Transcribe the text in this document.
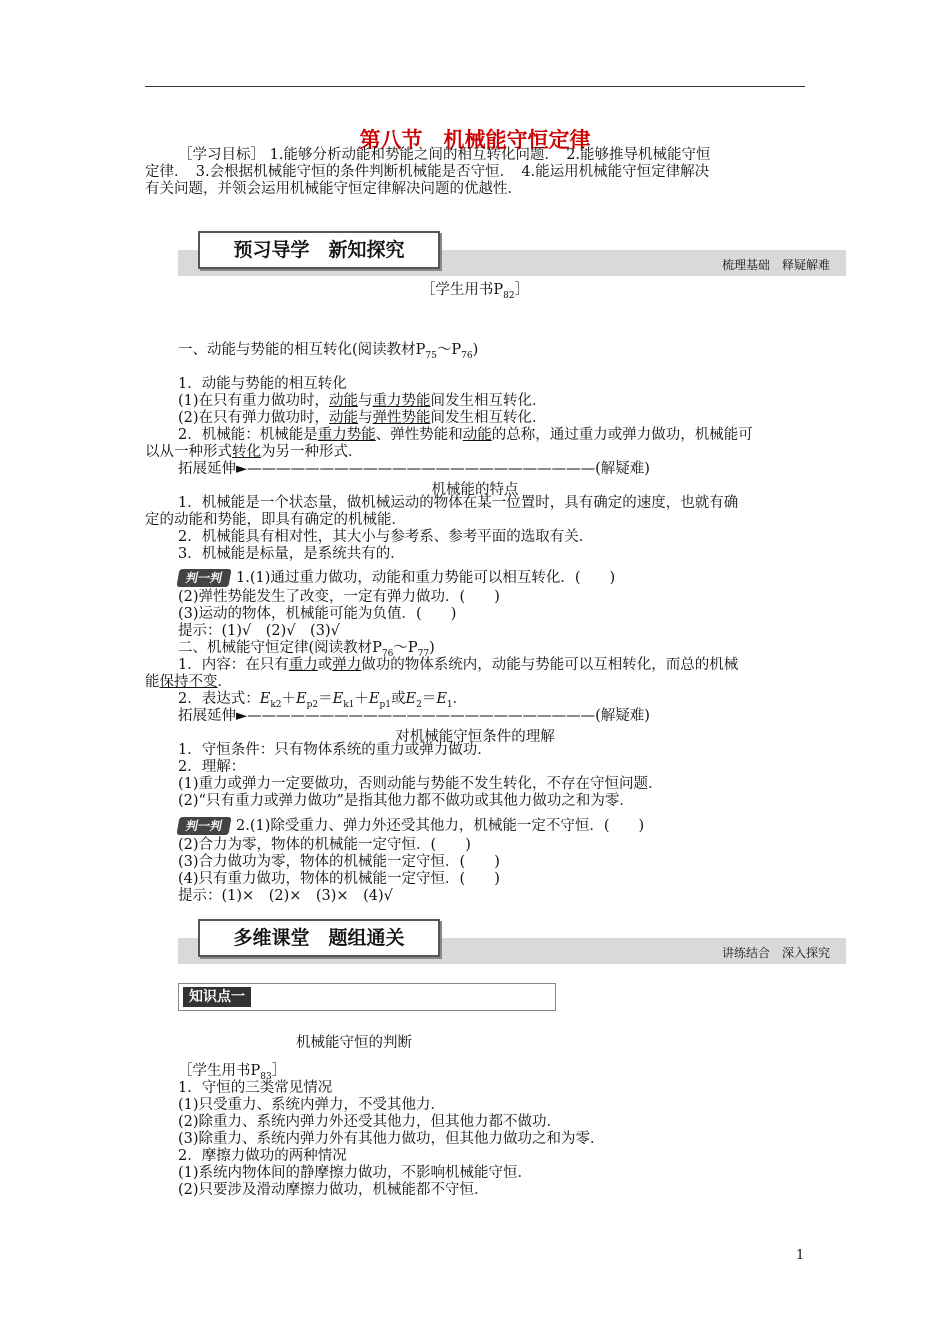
第八节　机械能守恒定律
［学习目标］ 1.能够分析动能和势能之间的相互转化问题．　2.能够推导机械能守恒
定律．　3.会根据机械能守恒的条件判断机械能是否守恒．　4.能运用机械能守恒定律解决
有关问题，并领会运用机械能守恒定律解决问题的优越性．
预习导学　新知探究
梳理基础　释疑解难
［学生用书$P_{82}]$
一、动能与势能的相互转化(阅读教材$P_{75}\sim P_{76}$)
1．动能与势能的相互转化
(1)在只有重力做功时，动能与重力势能间发生相互转化．
(2)在只有弹力做功时，动能与弹性势能间发生相互转化．
2．机械能：机械能是重力势能、弹性势能和动能的总称，通过重力或弹力做功，机械能可
以从一种形式转化为另一种形式．
拓展延伸►————————————————————————(解疑难)
机械能的特点
1．机械能是一个状态量，做机械运动的物体在某一位置时，具有确定的速度，也就有确
定的动能和势能，即具有确定的机械能．
2．机械能具有相对性，其大小与参考系、参考平面的选取有关．
3．机械能是标量，是系统共有的．
判一判 1.(1)通过重力做功，动能和重力势能可以相互转化．(　　)
(2)弹性势能发生了改变，一定有弹力做功．(　　)
(3)运动的物体，机械能可能为负值．(　　)
提示：(1)√　(2)√　(3)√
二、机械能守恒定律(阅读教材$P_{76}\sim P_{77}$)
1．内容：在只有重力或弹力做功的物体系统内，动能与势能可以互相转化，而总的机械
能保持不变．
2．表达式：$E_{k2}+E_{p2}=E_{k1}+E_{p1}$或$E_2=E_1$．
拓展延伸►————————————————————————(解疑难)
对机械能守恒条件的理解
1．守恒条件：只有物体系统的重力或弹力做功．
2．理解：
(1)重力或弹力一定要做功，否则动能与势能不发生转化，不存在守恒问题．
(2)“只有重力或弹力做功”是指其他力都不做功或其他力做功之和为零．
判一判 2.(1)除受重力、弹力外还受其他力，机械能一定不守恒．(　　)
(2)合力为零，物体的机械能一定守恒．(　　)
(3)合力做功为零，物体的机械能一定守恒．(　　)
(4)只有重力做功，物体的机械能一定守恒．(　　)
提示：(1)×　(2)×　(3)×　(4)√
多维课堂　题组通关
讲练结合　深入探究
知识点一
机械能守恒的判断
［学生用书$P_{83}]$
1．守恒的三类常见情况
(1)只受重力、系统内弹力，不受其他力．
(2)除重力、系统内弹力外还受其他力，但其他力都不做功．
(3)除重力、系统内弹力外有其他力做功，但其他力做功之和为零．
2．摩擦力做功的两种情况
(1)系统内物体间的静摩擦力做功，不影响机械能守恒．
(2)只要涉及滑动摩擦力做功，机械能都不守恒．
1
